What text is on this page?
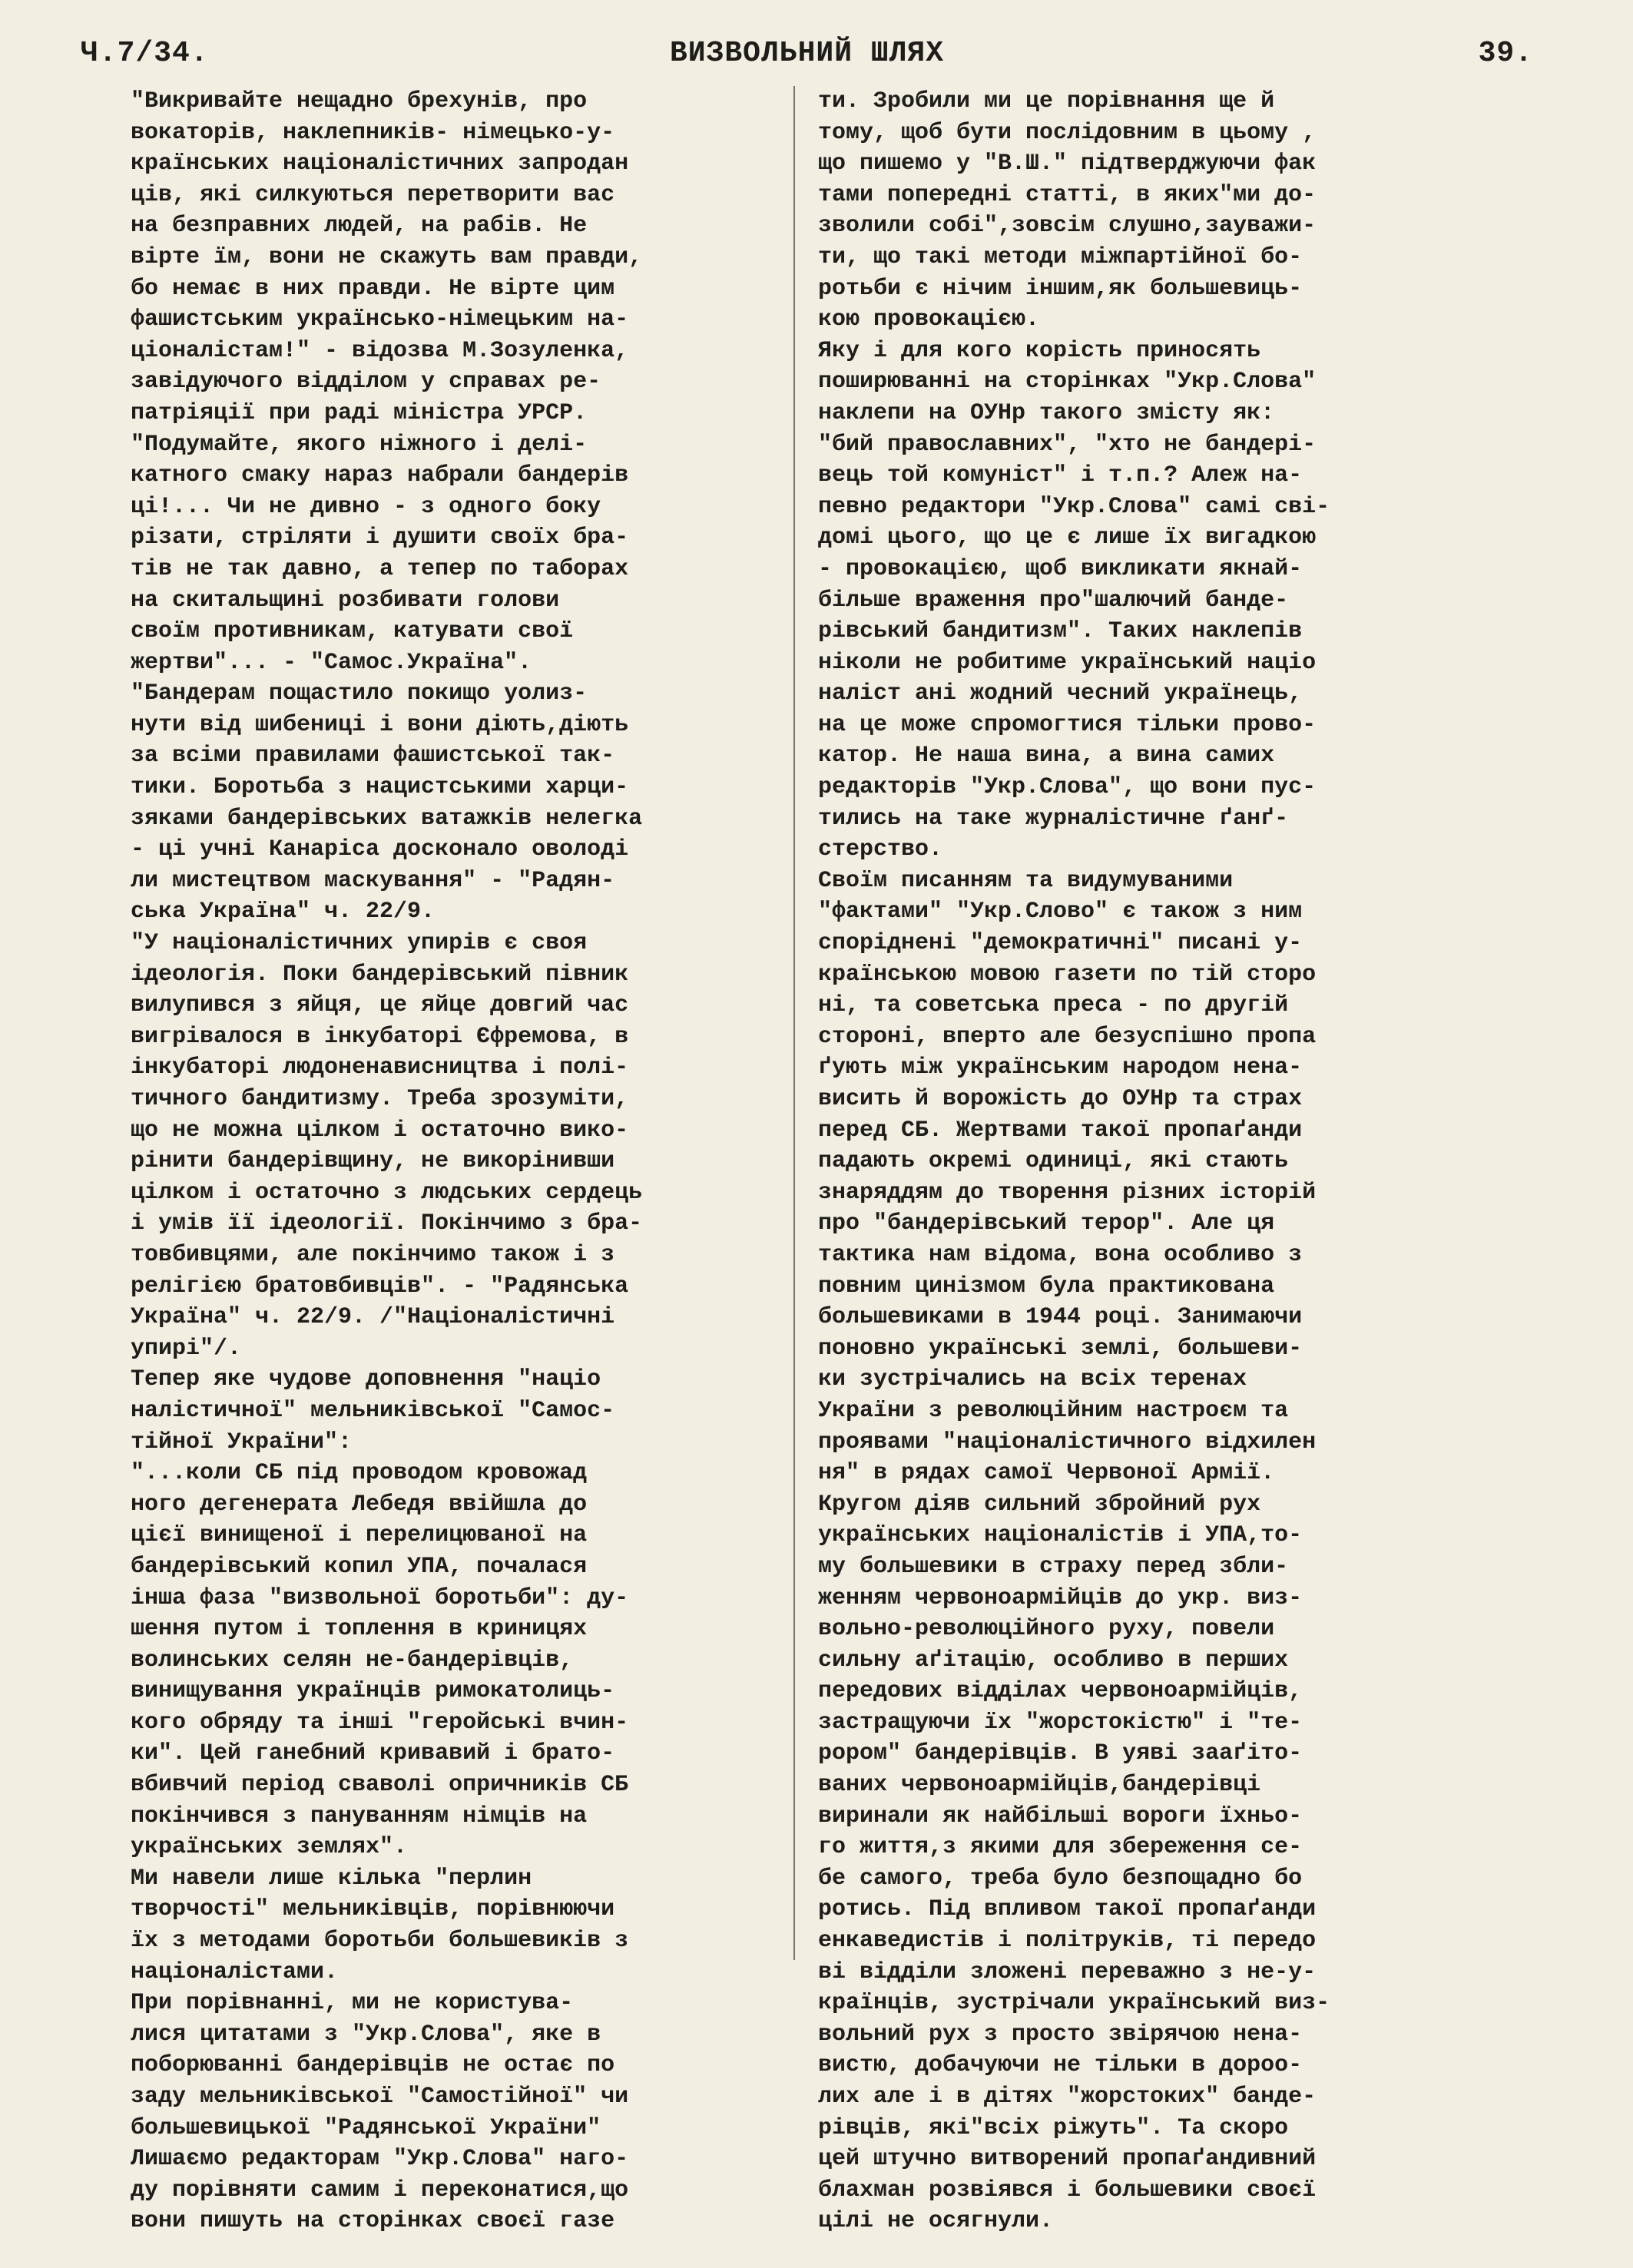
Ч.7/34.	ВИЗВОЛЬНИЙ ШЛЯХ	39.
"Викривайте нещадно брехунів, про
вокаторів, наклепників- німецько-у-
країнських націоналістичних запродан
ців, які силкуються перетворити вас
на безправних людей, на рабів. Не
вірте їм, вони не скажуть вам правди,
бо немає в них правди. Не вірте цим
фашистським українсько-німецьким на-
ціоналістам!" - відозва М.Зозуленка,
завідуючого відділом у справах ре-
патріяції при раді міністра УРСР.
"Подумайте, якого ніжного і делі-
катного смаку нараз набрали бандерів
ці!... Чи не дивно - з одного боку
різати, стріляти і душити своїх бра-
тів не так давно, а тепер по таборах
на скитальщині розбивати голови
своїм противникам, катувати свої
жертви"... - "Самос.Україна".
"Бандерам пощастило покищо уолиз-
нути від шибениці і вони діють,діють
за всіми правилами фашистської так-
тики. Боротьба з нацистськими харци-
зяками бандерівських ватажків нелегка
- ці учні Канаріса досконало оволоді
ли мистецтвом маскування" - "Радян-
ська Україна" ч. 22/9.
"У націоналістичних упирів є своя
ідеологія. Поки бандерівський півник
вилупився з яйця, це яйце довгий час
вигрівалося в інкубаторі Єфремова, в
інкубаторі людоненависництва і полі-
тичного бандитизму. Треба зрозуміти,
що не можна цілком і остаточно вико-
рінити бандерівщину, не викорінивши
цілком і остаточно з людських сердець
і умів її ідеології. Покінчимо з бра-
товбивцями, але покінчимо також і з
релігією братовбивців". - "Радянська
Україна" ч. 22/9. /"Націоналістичні
упирі"/.
Тепер яке чудове доповнення "націо
налістичної" мельниківської "Самос-
тійної України":
"...коли СБ під проводом кровожад
ного дегенерата Лебедя ввійшла до
цієї винищеної і перелицюваної на
бандерівський копил УПА, почалася
інша фаза "визвольної боротьби": ду-
шення путом і топлення в криницях
волинських селян не-бандерівців,
винищування українців римокатолиць-
кого обряду та інші "геройські вчин-
ки". Цей ганебний кривавий і брато-
вбивчий період сваволі опричників СБ
покінчився з пануванням німців на
українських землях".
Ми навели лише кілька "перлин
творчості" мельниківців, порівнюючи
їх з методами боротьби большевиків з
націоналістами.
При порівнанні, ми не користува-
лися цитатами з "Укр.Слова", яке в
поборюванні бандерівців не остає по
заду мельниківської "Самостійної" чи
большевицької "Радянської України"
Лишаємо редакторам "Укр.Слова" наго-
ду порівняти самим і переконатися,що
вони пишуть на сторінках своєї газе
ти. Зробили ми це порівнання ще й
тому, щоб бути послідовним в цьому ,
що пишемо у "В.Ш." підтверджуючи фак
тами попередні статті, в яких"ми до-
зволили собі",зовсім слушно,зауважи-
ти, що такі методи міжпартійної бо-
ротьби є нічим іншим,як большевиць-
кою провокацією.
Яку і для кого корість приносять
поширюванні на сторінках "Укр.Слова"
наклепи на ОУНр такого змісту як:
"бий православних", "хто не бандері-
вець той комуніст" і т.п.? Алеж на-
певно редактори "Укр.Слова" самі сві-
домі цього, що це є лише їх вигадкою
- провокацією, щоб викликати якнай-
більше враження про"шалючий банде-
рівський бандитизм". Таких наклепів
ніколи не робитиме український націо
наліст ані жодний чесний українець,
на це може спромогтися тільки прово-
катор. Не наша вина, а вина самих
редакторів "Укр.Слова", що вони пус-
тились на таке журналістичне ґанґ-
стерство.
Своїм писанням та видумуваними
"фактами" "Укр.Слово" є також з ним
споріднені "демократичні" писані у-
країнською мовою газети по тій сторо
ні, та советська преса - по другій
стороні, вперто але безуспішно пропа
ґують між українським народом нена-
висить й ворожість до ОУНр та страх
перед СБ. Жертвами такої пропаґанди
падають окремі одиниці, які стають
знаряддям до творення різних історій
про "бандерівський терор". Але ця
тактика нам відома, вона особливо з
повним цинізмом була практикована
большевиками в 1944 році. Занимаючи
поновно українські землі, большеви-
ки зустрічались на всіх теренах
України з революційним настроєм та
проявами "націоналістичного відхилен
ня" в рядах самої Червоної Армії.
Кругом діяв сильний збройний рух
українських націоналістів і УПА,то-
му большевики в страху перед збли-
женням червоноармійців до укр. виз-
вольно-революційного руху, повели
сильну аґітацію, особливо в перших
передових відділах червоноармійців,
застращуючи їх "жорстокістю" і "те-
рором" бандерівців. В уяві зааґіто-
ваних червоноармійців,бандерівці
виринали як найбільші вороги їхньо-
го життя,з якими для збереження се-
бе самого, треба було безпощадно бо
ротись. Під впливом такої пропаґанди
енкаведистів і політруків, ті передо
ві відділи зложені переважно з не-у-
країнців, зустрічали український виз-
вольний рух з просто звірячою нена-
вистю, добачуючи не тільки в дороо-
лих але і в дітях "жорстоких" банде-
рівців, які"всіх ріжуть". Та скоро
цей штучно витворений пропаґандивний
блахман розвіявся і большевики своєї
цілі не осягнули.
